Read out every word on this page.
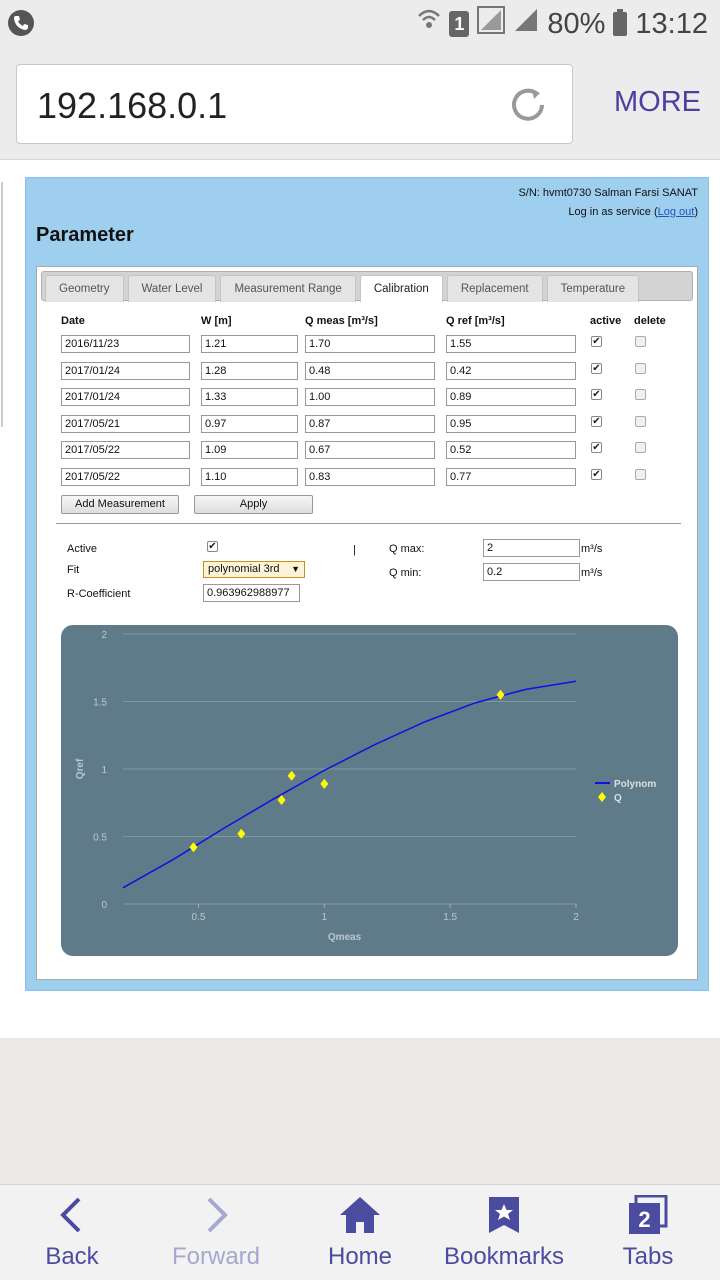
1	80% 13:12
192.168.0.1	MORE
S/N: hvmt0730 Salman Farsi SANAT
Log in as service (Log out)
Parameter
Geometry	Water Level	Measurement Range	Calibration	Replacement	Temperature
Date	W [m]	Q meas [m³/s]	Q ref [m³/s]	active delete
2016/11/23	1.21	1.70	1.55	✔
2017/01/24	1.28	0.48	0.42	✔
2017/01/24	1.33	1.00	0.89	✔
2017/05/21	0.97	0.87	0.95	✔
2017/05/22	1.09	0.67	0.52	✔
2017/05/22	1.10	0.83	0.77	✔
Add Measurement	Apply
Active	✔
Fit	polynomial 3rd ▼
R-Coefficient	0.963962988977
|	Q max:	2	m³/s
Q min:	0.2	m³/s
0
0.5
1
1.5
2
0.5	1	1.5	2
Qmeas
Qref
Polynom
Q
Back	Forward	Home	Bookmarks
2
Tabs
